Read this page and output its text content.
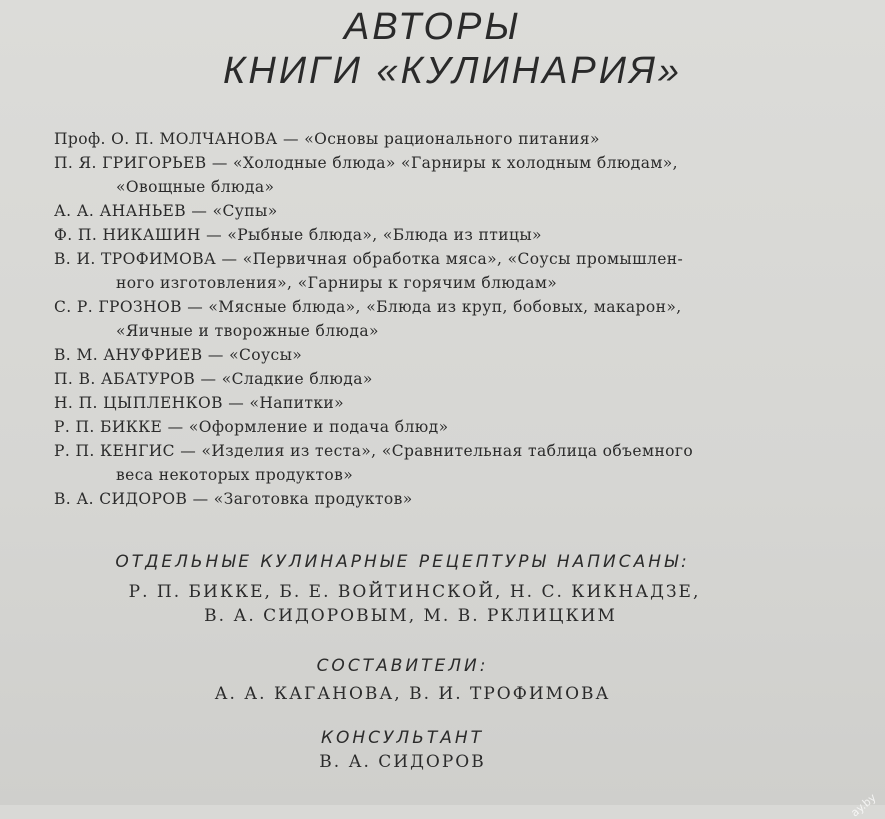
АВТОРЫ
КНИГИ «КУЛИНАРИЯ»
Проф. О. П. МОЛЧАНОВА — «Основы рационального питания»
П. Я. ГРИГОРЬЕВ — «Холодные блюда» «Гарниры к холодным блюдам»,
«Овощные блюда»
А. А. АНАНЬЕВ — «Супы»
Ф. П. НИКАШИН — «Рыбные блюда», «Блюда из птицы»
В. И. ТРОФИМОВА — «Первичная обработка мяса», «Соусы промышлен-
ного изготовления», «Гарниры к горячим блюдам»
С. Р. ГРОЗНОВ — «Мясные блюда», «Блюда из круп, бобовых, макарон»,
«Яичные и творожные блюда»
В. М. АНУФРИЕВ — «Соусы»
П. В. АБАТУРОВ — «Сладкие блюда»
Н. П. ЦЫПЛЕНКОВ — «Напитки»
Р. П. БИККЕ — «Оформление и подача блюд»
Р. П. КЕНГИС — «Изделия из теста», «Сравнительная таблица объемного
веса некоторых продуктов»
В. А. СИДОРОВ — «Заготовка продуктов»
ОТДЕЛЬНЫЕ КУЛИНАРНЫЕ РЕЦЕПТУРЫ НАПИСАНЫ:
Р. П. БИККЕ, Б. Е. ВОЙТИНСКОЙ, Н. С. КИКНАДЗЕ,
В. А. СИДОРОВЫМ, М. В. РКЛИЦКИМ
СОСТАВИТЕЛИ:
А. А. КАГАНОВА, В. И. ТРОФИМОВА
КОНСУЛЬТАНТ
В. А. СИДОРОВ
ay.by
